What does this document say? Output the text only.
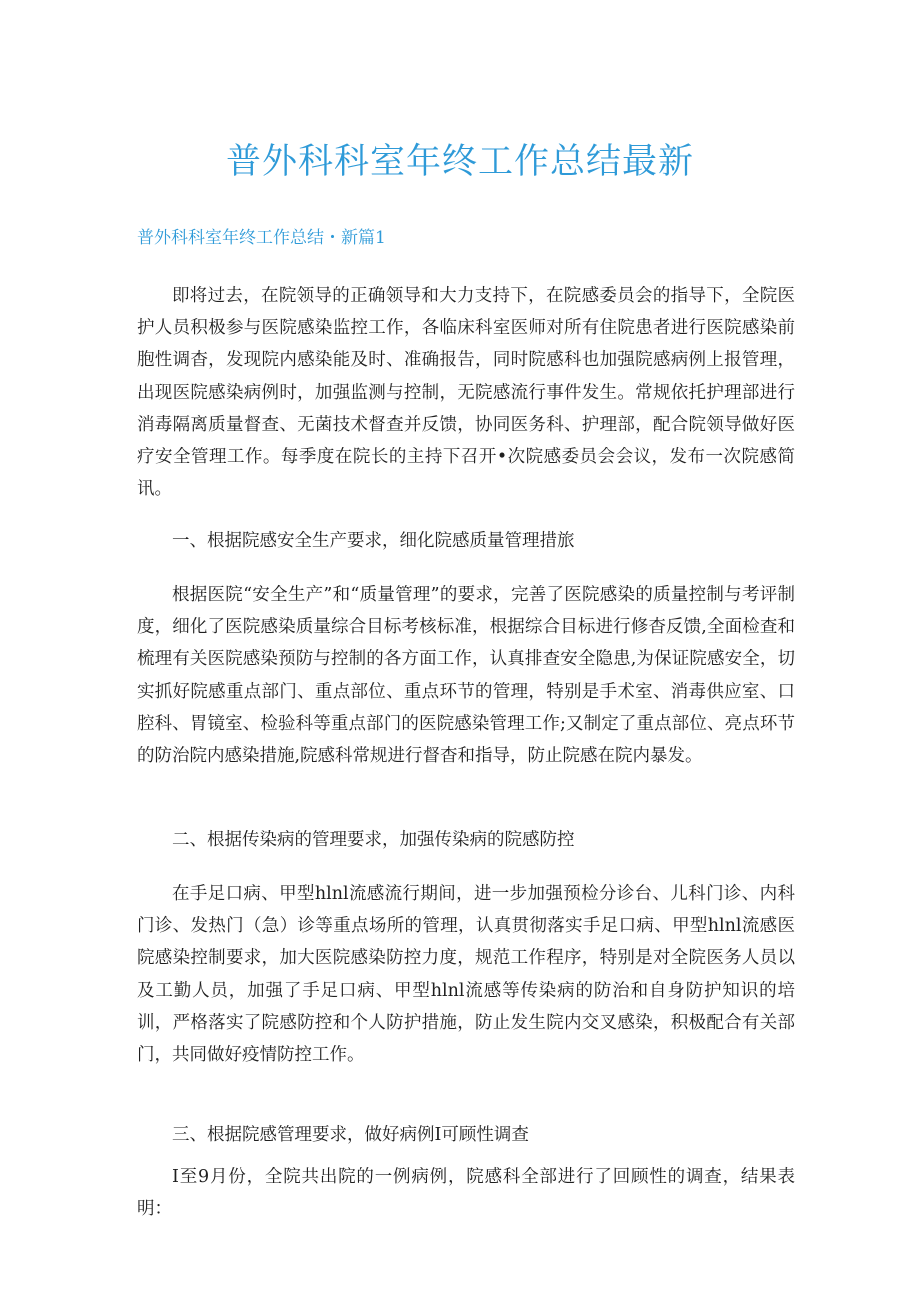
普外科科室年终工作总结最新

普外科科室年终工作总结・新篇1

即将过去，在院领导的正确领导和大力支持下，在院感委员会的指导下，全院医护人员积极参与医院感染监控工作，各临床科室医师对所有住院患者进行医院感染前胞性调杳，发现院内感染能及时、准确报告，同时院感科也加强院感病例上报管理，出现医院感染病例时，加强监测与控制，无院感流行事件发生。常规依托护理部进行消毒隔离质量督查、无菌技术督查并反馈，协同医务科、护理部，配合院领导做好医疗安全管理工作。每季度在院长的主持下召开•次院感委员会会议，发布一次院感简讯。

一、根据院感安全生产要求，细化院感质量管理措旅

根据医院“安全生产”和“质量管理”的要求，完善了医院感染的质量控制与考评制度，细化了医院感染质量综合目标考核标准，根据综合目标进行修杳反馈,全面检查和梳理有关医院感染预防与控制的各方面工作，认真排查安全隐患,为保证院感安全，切实抓好院感重点部门、重点部位、重点环节的管理，特别是手术室、消毒供应室、口腔科、胃镜室、检验科等重点部门的医院感染管理工作;又制定了重点部位、亮点环节的防治院内感染措施,院感科常规进行督杳和指导，防止院感在院内暴发。

二、根据传染病的管理要求，加强传染病的院感防控

在手足口病、甲型hlnl流感流行期间，进一步加强预检分诊台、儿科门诊、内科门诊、发热门（急）诊等重点场所的管理，认真贯彻落实手足口病、甲型hlnl流感医院感染控制要求，加大医院感染防控力度，规范工作程序，特别是对全院医务人员以及工勤人员，加强了手足口病、甲型hlnl流感等传染病的防治和自身防护知识的培训，严格落实了院感防控和个人防护措施，防止发生院内交叉感染，积极配合有关部门，共同做好疫情防控工作。

三、根据院感管理要求，做好病例I可顾性调查

I至9月份，全院共出院的一例病例，院感科全部进行了回顾性的调查，结果表明：
